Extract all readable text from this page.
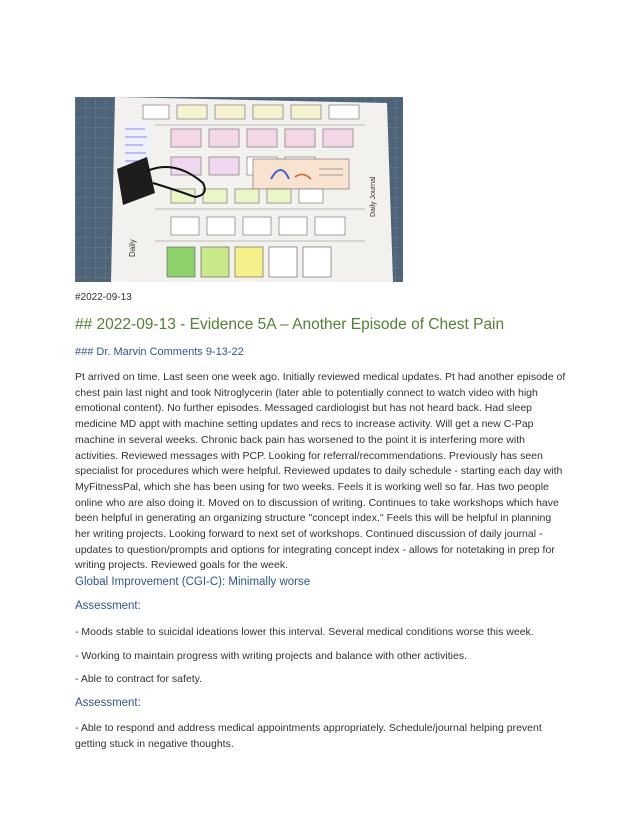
Daily
Daily Journal
#2022-09-13
## 2022-09-13 - Evidence 5A – Another Episode of Chest Pain
### Dr. Marvin Comments 9-13-22
Pt arrived on time. Last seen one week ago. Initially reviewed medical updates. Pt had another episode of chest pain last night and took Nitroglycerin (later able to potentially connect to watch video with high emotional content). No further episodes. Messaged cardiologist but has not heard back. Had sleep medicine MD appt with machine setting updates and recs to increase activity. Will get a new C-Pap machine in several weeks. Chronic back pain has worsened to the point it is interfering more with activities. Reviewed messages with PCP. Looking for referral/recommendations. Previously has seen specialist for procedures which were helpful. Reviewed updates to daily schedule - starting each day with MyFitnessPal, which she has been using for two weeks. Feels it is working well so far. Has two people online who are also doing it. Moved on to discussion of writing. Continues to take workshops which have been helpful in generating an organizing structure "concept index." Feels this will be helpful in planning her writing projects. Looking forward to next set of workshops. Continued discussion of daily journal - updates to question/prompts and options for integrating concept index - allows for notetaking in prep for writing projects. Reviewed goals for the week.
Global Improvement (CGI-C): Minimally worse
Assessment:
- Moods stable to suicidal ideations lower this interval. Several medical conditions worse this week.
- Working to maintain progress with writing projects and balance with other activities.
- Able to contract for safety.
Assessment:
- Able to respond and address medical appointments appropriately. Schedule/journal helping prevent getting stuck in negative thoughts.
